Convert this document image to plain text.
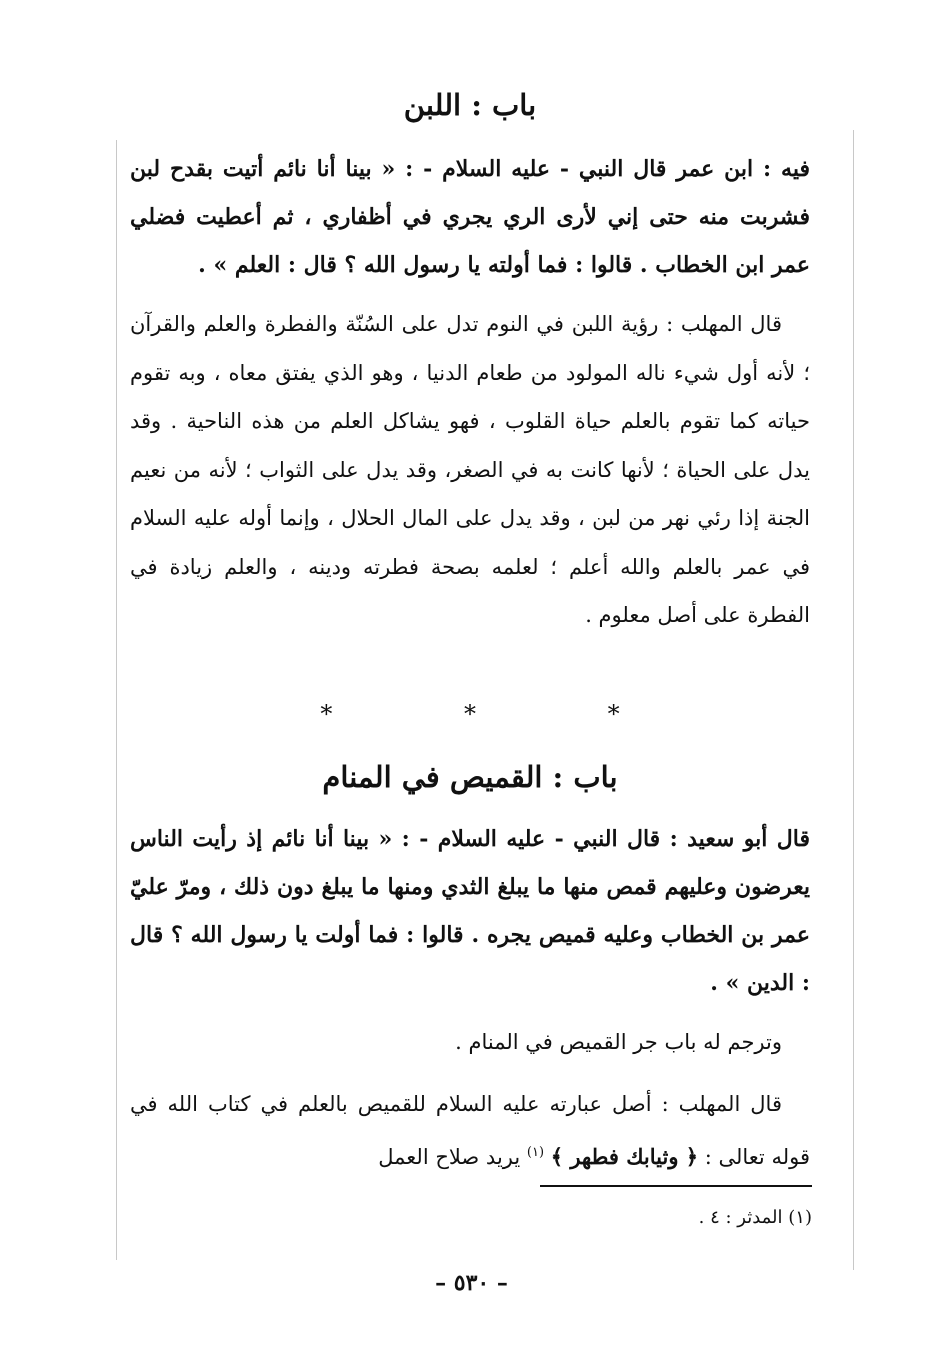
باب : اللبن

فيه : ابن عمر قال النبي - عليه السلام - : « بينا أنا نائم أتيت بقدح لبن فشربت منه حتى إني لأرى الري يجري في أظفاري ، ثم أعطيت فضلي عمر ابن الخطاب . قالوا : فما أولته يا رسول الله ؟ قال : العلم » .

قال المهلب : رؤية اللبن في النوم تدل على السُنّة والفطرة والعلم والقرآن ؛ لأنه أول شيء ناله المولود من طعام الدنيا ، وهو الذي يفتق معاه ، وبه تقوم حياته كما تقوم بالعلم حياة القلوب ، فهو يشاكل العلم من هذه الناحية . وقد يدل على الحياة ؛ لأنها كانت به في الصغر، وقد يدل على الثواب ؛ لأنه من نعيم الجنة إذا رئي نهر من لبن ، وقد يدل على المال الحلال ، وإنما أوله عليه السلام في عمر بالعلم والله أعلم ؛ لعلمه بصحة فطرته ودينه ، والعلم زيادة في الفطرة على أصل معلوم .

* * *
باب : القميص في المنام

قال أبو سعيد : قال النبي - عليه السلام - : « بينا أنا نائم إذ رأيت الناس يعرضون وعليهم قمص منها ما يبلغ الثدي ومنها ما يبلغ دون ذلك ، ومرّ عليّ عمر بن الخطاب وعليه قميص يجره . قالوا : فما أولت يا رسول الله ؟ قال : الدين » .

وترجم له باب جر القميص في المنام .

قال المهلب : أصل عبارته عليه السلام للقميص بالعلم في كتاب الله في قوله تعالى : ﴿ وثيابك فطهر ﴾ $^{(١)}$ يريد صلاح العمل

(١) المدثر : ٤ .
– ٥٣٠ –
